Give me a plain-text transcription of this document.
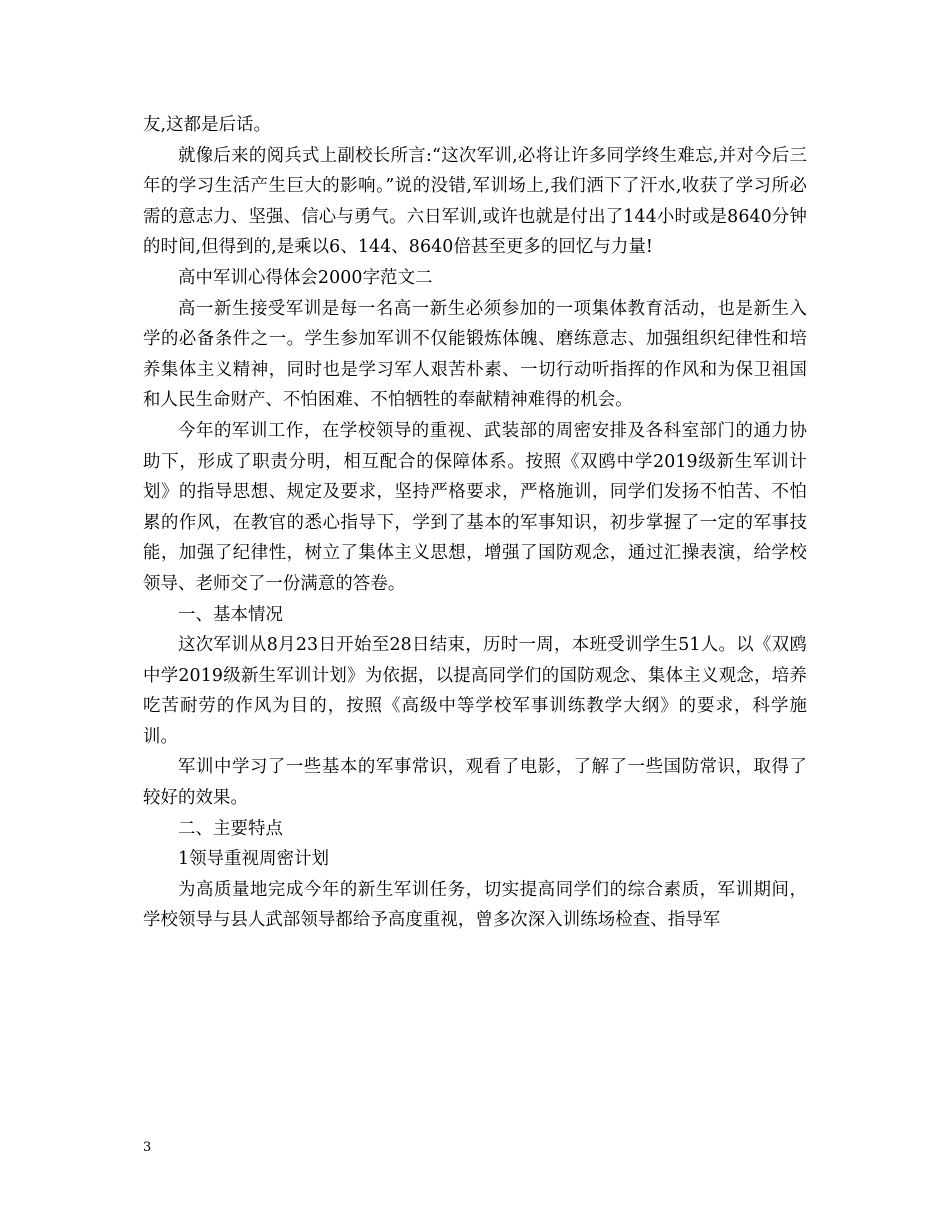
友,这都是后话。

就像后来的阅兵式上副校长所言:“这次军训,必将让许多同学终生难忘,并对今后三年的学习生活产生巨大的影响。”说的没错,军训场上,我们洒下了汗水,收获了学习所必需的意志力、坚强、信心与勇气。六日军训,或许也就是付出了144小时或是8640分钟的时间,但得到的,是乘以6、144、8640倍甚至更多的回忆与力量!

高中军训心得体会2000字范文二

高一新生接受军训是每一名高一新生必须参加的一项集体教育活动，也是新生入学的必备条件之一。学生参加军训不仅能锻炼体魄、磨练意志、加强组织纪律性和培养集体主义精神，同时也是学习军人艰苦朴素、一切行动听指挥的作风和为保卫祖国和人民生命财产、不怕困难、不怕牺牲的奉献精神难得的机会。

今年的军训工作，在学校领导的重视、武装部的周密安排及各科室部门的通力协助下，形成了职责分明，相互配合的保障体系。按照《双鸥中学2019级新生军训计划》的指导思想、规定及要求，坚持严格要求，严格施训，同学们发扬不怕苦、不怕累的作风，在教官的悉心指导下，学到了基本的军事知识，初步掌握了一定的军事技能，加强了纪律性，树立了集体主义思想，增强了国防观念，通过汇操表演，给学校领导、老师交了一份满意的答卷。

一、基本情况

这次军训从8月23日开始至28日结束，历时一周，本班受训学生51人。以《双鸥中学2019级新生军训计划》为依据，以提高同学们的国防观念、集体主义观念，培养吃苦耐劳的作风为目的，按照《高级中等学校军事训练教学大纲》的要求，科学施训。

军训中学习了一些基本的军事常识，观看了电影，了解了一些国防常识，取得了较好的效果。

二、主要特点

1领导重视周密计划

为高质量地完成今年的新生军训任务，切实提高同学们的综合素质，军训期间，学校领导与县人武部领导都给予高度重视，曾多次深入训练场检查、指导军

3
